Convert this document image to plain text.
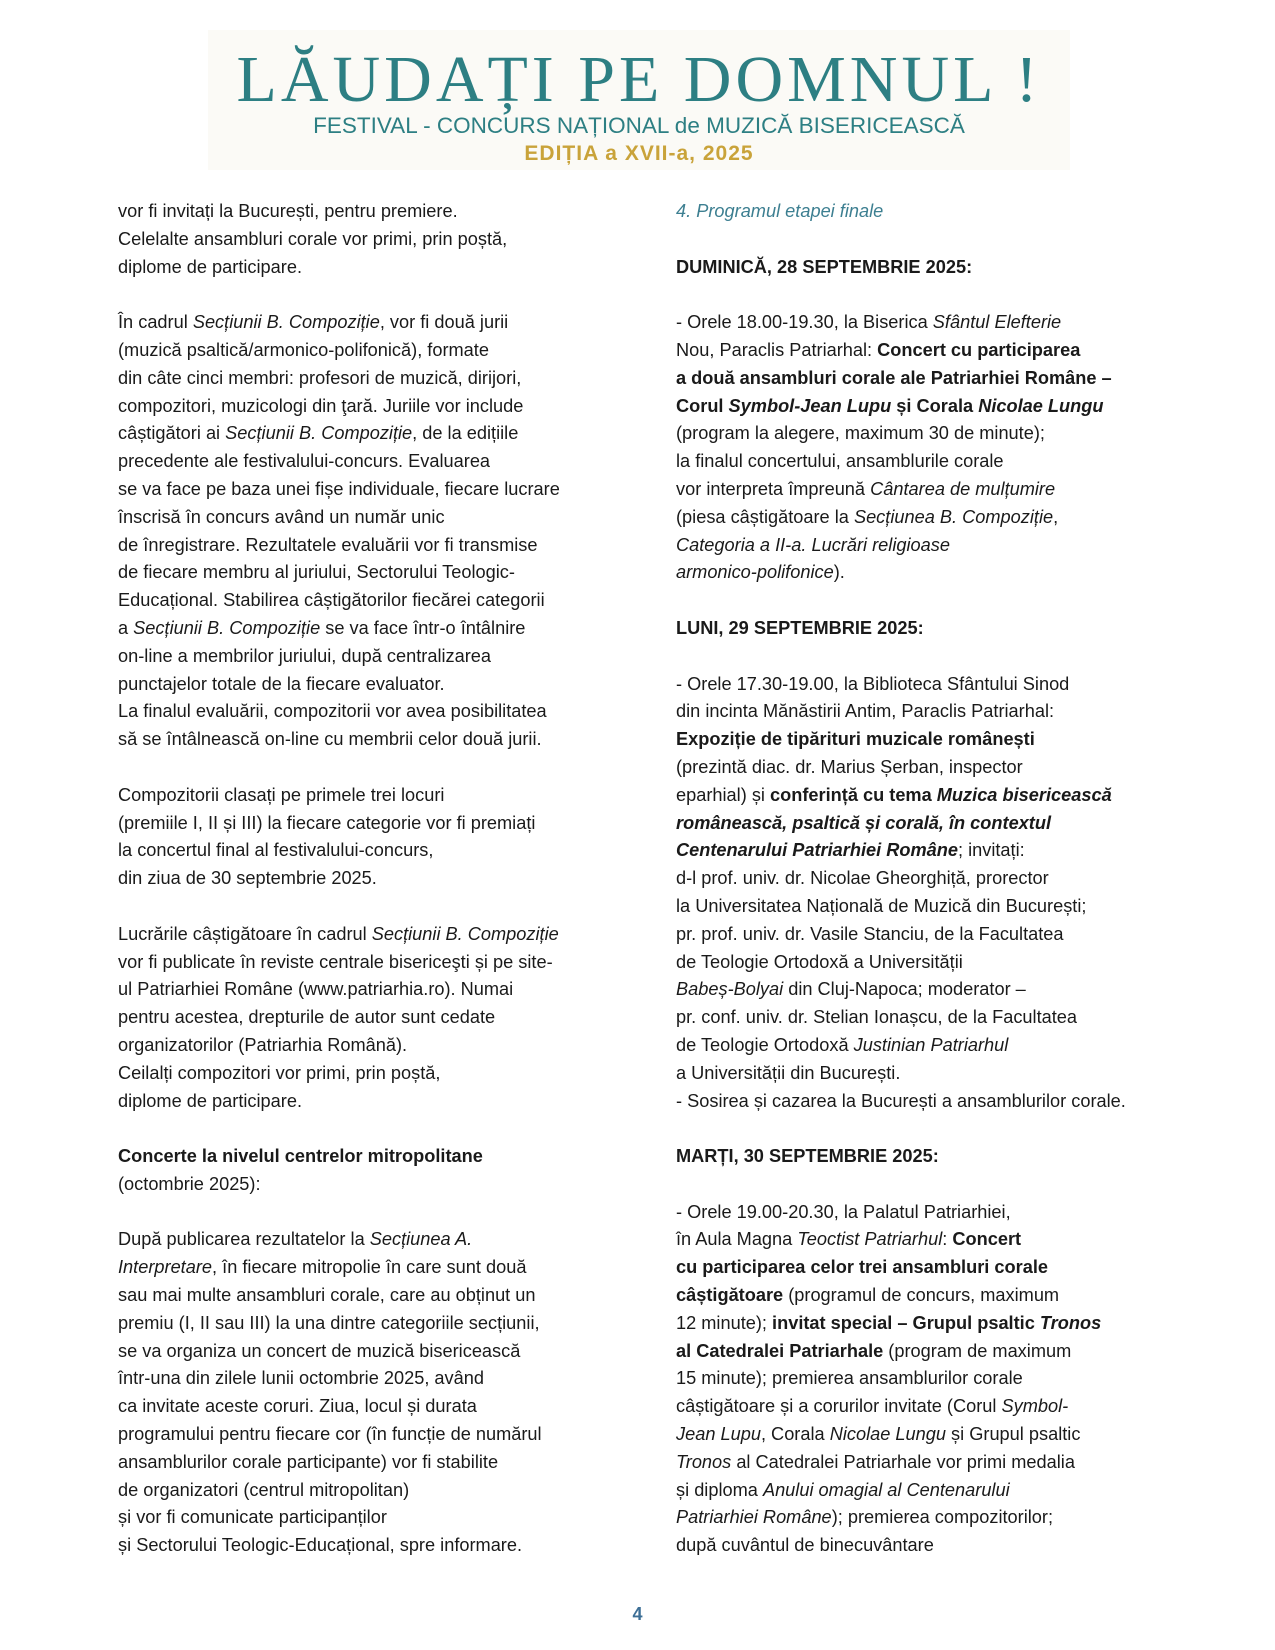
LĂUDAȚI PE DOMNUL !
FESTIVAL - CONCURS NAȚIONAL de MUZICĂ BISERICEASCĂ
EDIȚIA a XVII-a, 2025
vor fi invitați la București, pentru premiere.
Celelalte ansambluri corale vor primi, prin poștă,
diplome de participare.
În cadrul Secțiunii B. Compoziție, vor fi două jurii
(muzică psaltică/armonico-polifonică), formate
din câte cinci membri: profesori de muzică, dirijori,
compozitori, muzicologi din ţară. Juriile vor include
câștigători ai Secțiunii B. Compoziție, de la edițiile
precedente ale festivalului-concurs. Evaluarea
se va face pe baza unei fișe individuale, fiecare lucrare
înscrisă în concurs având un număr unic
de înregistrare. Rezultatele evaluării vor fi transmise
de fiecare membru al juriului, Sectorului Teologic-
Educațional. Stabilirea câștigătorilor fiecărei categorii
a Secțiunii B. Compoziție se va face într-o întâlnire
on-line a membrilor juriului, după centralizarea
punctajelor totale de la fiecare evaluator.
La finalul evaluării, compozitorii vor avea posibilitatea
să se întâlnească on-line cu membrii celor două jurii.
Compozitorii clasați pe primele trei locuri
(premiile I, II și III) la fiecare categorie vor fi premiați
la concertul final al festivalului-concurs,
din ziua de 30 septembrie 2025.
Lucrările câștigătoare în cadrul Secțiunii B. Compoziție
vor fi publicate în reviste centrale bisericeşti și pe site-
ul Patriarhiei Române (www.patriarhia.ro). Numai
pentru acestea, drepturile de autor sunt cedate
organizatorilor (Patriarhia Română).
Ceilalți compozitori vor primi, prin poștă,
diplome de participare.
Concerte la nivelul centrelor mitropolitane
(octombrie 2025):
După publicarea rezultatelor la Secțiunea A.
Interpretare, în fiecare mitropolie în care sunt două
sau mai multe ansambluri corale, care au obținut un
premiu (I, II sau III) la una dintre categoriile secțiunii,
se va organiza un concert de muzică bisericească
într-una din zilele lunii octombrie 2025, având
ca invitate aceste coruri. Ziua, locul și durata
programului pentru fiecare cor (în funcție de numărul
ansamblurilor corale participante) vor fi stabilite
de organizatori (centrul mitropolitan)
și vor fi comunicate participanților
și Sectorului Teologic-Educațional, spre informare.
4. Programul etapei finale
DUMINICĂ, 28 SEPTEMBRIE 2025:
- Orele 18.00-19.30, la Biserica Sfântul Elefterie
Nou, Paraclis Patriarhal: Concert cu participarea
a două ansambluri corale ale Patriarhiei Române –
Corul Symbol-Jean Lupu și Corala Nicolae Lungu
(program la alegere, maximum 30 de minute);
la finalul concertului, ansamblurile corale
vor interpreta împreună Cântarea de mulțumire
(piesa câștigătoare la Secțiunea B. Compoziție,
Categoria a II-a. Lucrări religioase
armonico-polifonice).
LUNI, 29 SEPTEMBRIE 2025:
- Orele 17.30-19.00, la Biblioteca Sfântului Sinod
din incinta Mănăstirii Antim, Paraclis Patriarhal:
Expoziție de tipărituri muzicale românești
(prezintă diac. dr. Marius Șerban, inspector
eparhial) și conferință cu tema Muzica bisericească
românească, psaltică și corală, în contextul
Centenarului Patriarhiei Române; invitați:
d-l prof. univ. dr. Nicolae Gheorghiță, prorector
la Universitatea Națională de Muzică din București;
pr. prof. univ. dr. Vasile Stanciu, de la Facultatea
de Teologie Ortodoxă a Universității
Babeș-Bolyai din Cluj-Napoca; moderator –
pr. conf. univ. dr. Stelian Ionașcu, de la Facultatea
de Teologie Ortodoxă Justinian Patriarhul
a Universității din București.
- Sosirea și cazarea la București a ansamblurilor corale.
MARȚI, 30 SEPTEMBRIE 2025:
- Orele 19.00-20.30, la Palatul Patriarhiei,
în Aula Magna Teoctist Patriarhul: Concert
cu participarea celor trei ansambluri corale
câștigătoare (programul de concurs, maximum
12 minute); invitat special – Grupul psaltic Tronos
al Catedralei Patriarhale (program de maximum
15 minute); premierea ansamblurilor corale
câștigătoare și a corurilor invitate (Corul Symbol-
Jean Lupu, Corala Nicolae Lungu și Grupul psaltic
Tronos al Catedralei Patriarhale vor primi medalia
și diploma Anului omagial al Centenarului
Patriarhiei Române); premierea compozitorilor;
după cuvântul de binecuvântare
4
